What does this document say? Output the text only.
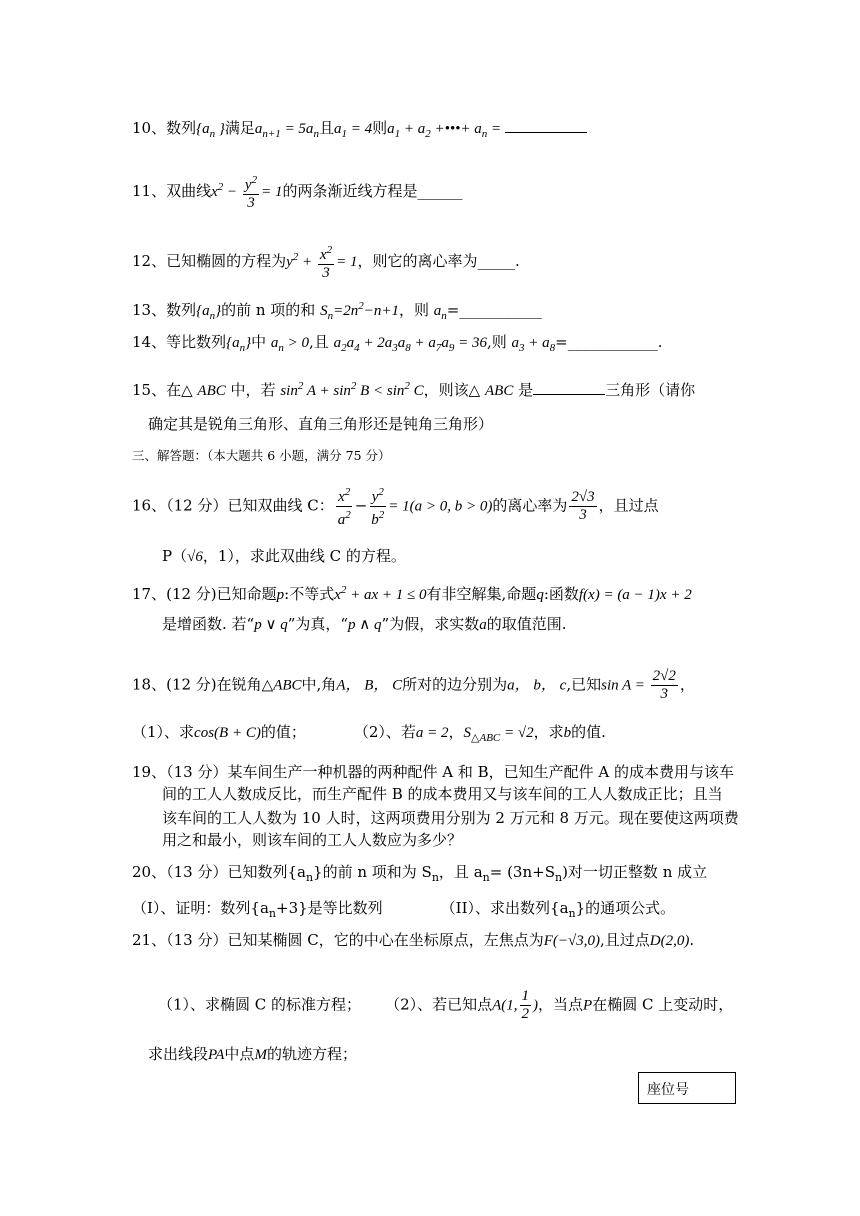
10、数列{$a_n$ }满足$a_{n+1} = 5a_n$且$a_1 = 4$则$a_1 + a_2$ +•••+ $a_n$ =
11、双曲线$x^2 - \frac{y^2}{3} = 1$的两条渐近线方程是______
12、已知椭圆的方程为$y^2 + \frac{x^2}{3} = 1$，则它的离心率为_____.
13、数列$\{a_n\}$的前 n 项的和 $S_n=2n^2-n+1$，则 $a_n=\_\_\_\_\_\_\_\_\_\_\_$
14、等比数列$\{a_n\}$中 $a_n > 0$,且 $a_2a_4 + 2a_3a_8 + a_7a_9 = 36$,则 $a_3$ + $a_8=\_\_\_\_\_\_\_\_\_\_\_\_$.
15、在△ ABC 中，若 $\sin^2 A + \sin^2 B < \sin^2 C$，则该△ ABC 是	三角形（请你
确定其是锐角三角形、直角三角形还是钝角三角形）
三、解答题：（本大题共 6 小题，满分 75 分）
16、（12 分）已知双曲线 C： $\frac{x^2}{a^2} - \frac{y^2}{b^2} = 1(a > 0$, b > 0)的离心率为 $\frac{2√3}{3}$ ，且过点
P（√6，1），求此双曲线 C 的方程。
17、(12 分)已知命题p:不等式$x^2$ + ax + 1 ≤ 0有非空解集,命题q:函数f(x) = (a − 1)x + 2
是增函数. 若“p ∨ q”为真，“p ∧ q”为假，求实数a的取值范围.
18、(12 分)在锐角△ABC中,角A， B， C所对的边分别为a， b， c,已知$\sin A = \frac{2√2}{3}$ ，
（1）、求cos(B + C)的值；	（2）、若a = 2，$S_{\triangle ABC} = √2$，求b的值.
19、（13 分）某车间生产一种机器的两种配件 A 和 B，已知生产配件 A 的成本费用与该车
间的工人人数成反比，而生产配件 B 的成本费用又与该车间的工人人数成正比；且当
该车间的工人人数为 10 人时，这两项费用分别为 2 万元和 8 万元。现在要使这两项费
用之和最小，则该车间的工人人数应为多少？
20、（13 分）已知数列$\{a_n\}$的前 n 项和为 $S_n$，且 $a_n= (3n+S_n)$对一切正整数 n 成立
（I）、证明：数列$\{a_n+3\}$是等比数列	（II）、求出数列$\{a_n\}$的通项公式。
21、（13 分）已知某椭圆 C，它的中心在坐标原点，左焦点为F(−√3,0),且过点D(2,0).
（1）、求椭圆 C 的标准方程； （2）、若已知点A(1, $\frac{1}{2}$ )，当点P在椭圆 C 上变动时，
求出线段PA中点M的轨迹方程；
座位号
